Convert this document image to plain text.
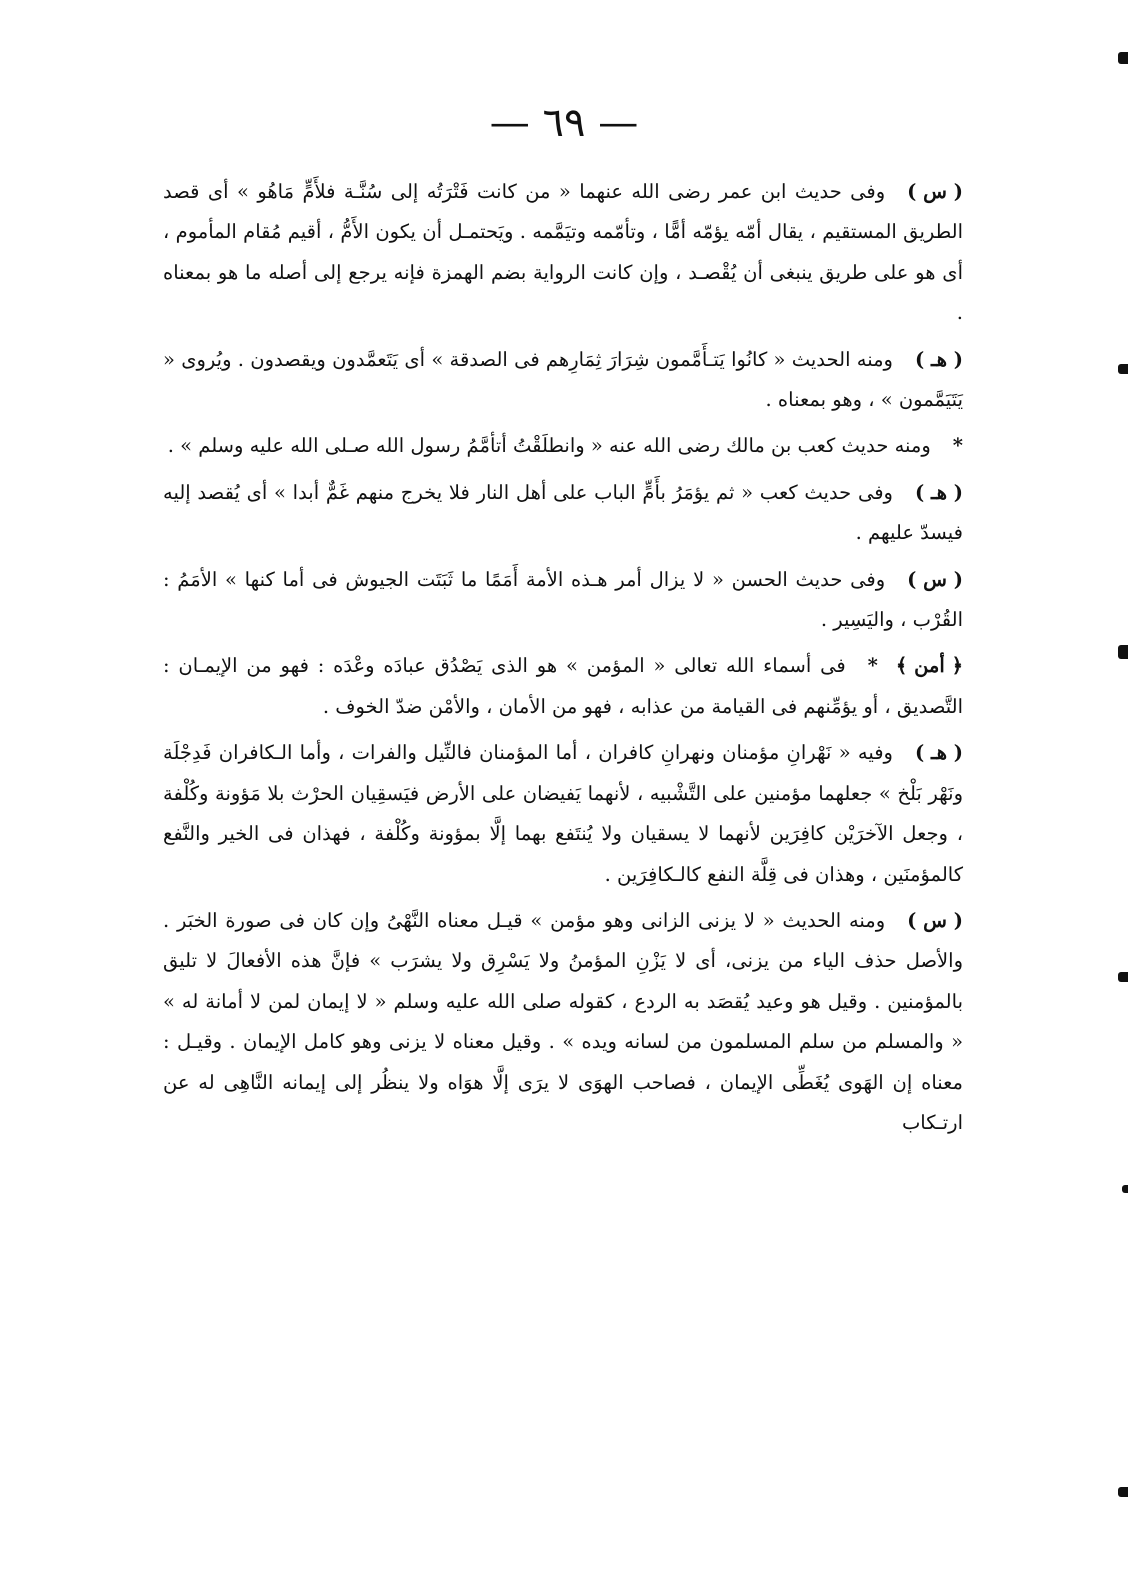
— ٦٩ —

( س )وفى حديث ابن عمر رضى الله عنهما « من كانت فَتْرَتُه إلى سُنَّـة فلأَمٍّ مَاهُو » أى قصد الطريق المستقيم ، يقال أمّه يؤمّه أمًّا ، وتأمّمه وتيَمَّمه . ويَحتمـل أن يكون الأَمُّ ، أقيم مُقام المأموم ، أى هو على طريق ينبغى أن يُقْصـد ، وإن كانت الرواية بضم الهمزة فإنه يرجع إلى أصله ما هو بمعناه .

( هـ )ومنه الحديث « كانُوا يَتـأَمَّمون شِرَارَ ثِمَارِهم فى الصدقة » أى يَتَعمَّدون ويقصدون . ويُروى « يَتَيَمَّمون » ، وهو بمعناه .

*ومنه حديث كعب بن مالك رضى الله عنه « وانطلَقْتُ أتأمَّمُ رسول الله صـلى الله عليه وسلم » .

( هـ )وفى حديث كعب « ثم يؤمَرُ بأَمٍّ الباب على أهل النار فلا يخرج منهم غَمٌّ أبدا » أى يُقصد إليه فيسدّ عليهم .

( س )وفى حديث الحسن « لا يزال أمر هـذه الأمة أَمَمًا ما ثَبَتَت الجيوش فى أما كنها » الأمَمُ : القُرْب ، واليَسِير .

﴿ أمن ﴾*فى أسماء الله تعالى « المؤمن » هو الذى يَصْدُق عبادَه وعْدَه : فهو من الإيمـان : التَّصديق ، أو يؤمِّنهم فى القيامة من عذابه ، فهو من الأمان ، والأمْن ضدّ الخوف .

( هـ )وفيه « نَهْرانِ مؤمنان ونهرانِ كافران ، أما المؤمنان فالنِّيل والفرات ، وأما الـكافران فَدِجْلَة ونَهْر بَلْخ » جعلهما مؤمنين على التَّشْبيه ، لأنهما يَفيضان على الأرض فيَسقِيان الحرْث بلا مَؤونة وكُلْفة ، وجعل الآخرَيْن كافِرَين لأنهما لا يسقيان ولا يُنتَفع بهما إلَّا بمؤونة وكُلْفة ، فهذان فى الخير والنَّفع كالمؤمنَين ، وهذان فى قِلَّة النفع كالـكافِرَين .

( س )ومنه الحديث « لا يزنى الزانى وهو مؤمن » قيـل معناه النَّهْىُ وإن كان فى صورة الخبَر . والأصل حذف الياء من يزنى، أى لا يَزْنِ المؤمنُ ولا يَسْرِق ولا يشرَب » فإنَّ هذه الأفعالَ لا تليق بالمؤمنين . وقيل هو وعيد يُقصَد به الردع ، كقوله صلى الله عليه وسلم « لا إيمان لمن لا أمانة له » « والمسلم من سلم المسلمون من لسانه ويده » . وقيل معناه لا يزنى وهو كامل الإيمان . وقيـل : معناه إن الهَوى يُغَطِّى الإيمان ، فصاحب الهوَى لا يرَى إلَّا هوَاه ولا ينظُر إلى إيمانه النَّاهِى له عن ارتـكاب
